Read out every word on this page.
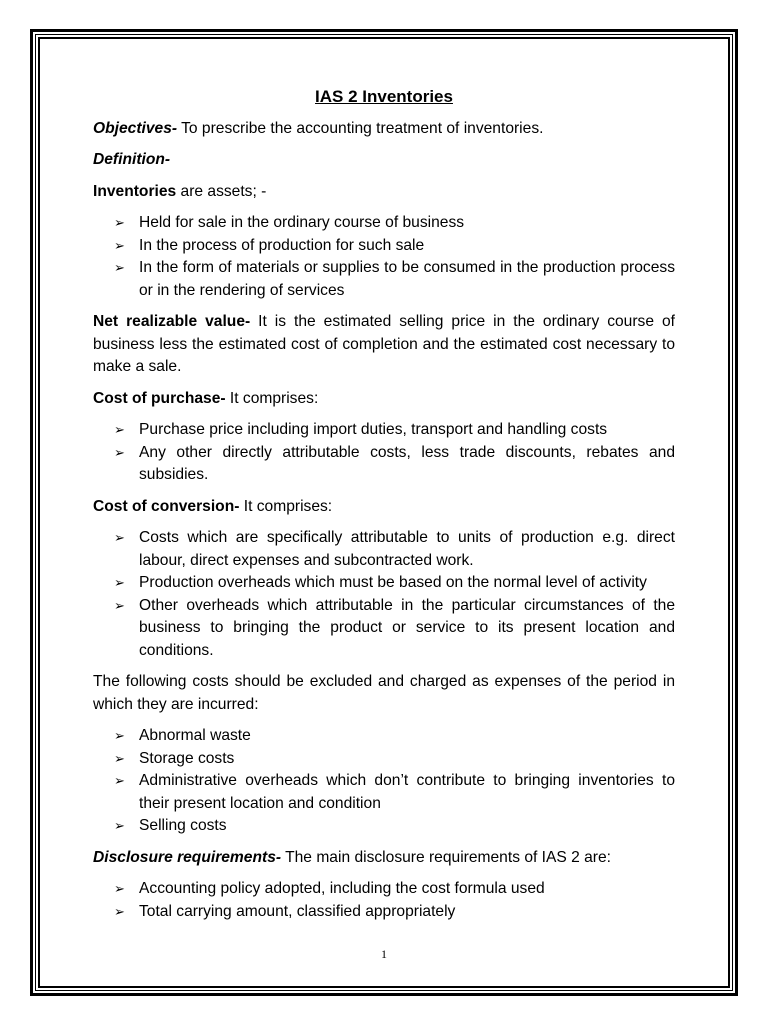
IAS 2 Inventories

Objectives- To prescribe the accounting treatment of inventories.

Definition-

Inventories are assets; -

➢ Held for sale in the ordinary course of business
➢ In the process of production for such sale
➢ In the form of materials or supplies to be consumed in the production process or in the rendering of services

Net realizable value- It is the estimated selling price in the ordinary course of business less the estimated cost of completion and the estimated cost necessary to make a sale.

Cost of purchase- It comprises:

➢ Purchase price including import duties, transport and handling costs
➢ Any other directly attributable costs, less trade discounts, rebates and subsidies.

Cost of conversion- It comprises:

➢ Costs which are specifically attributable to units of production e.g. direct labour, direct expenses and subcontracted work.
➢ Production overheads which must be based on the normal level of activity
➢ Other overheads which attributable in the particular circumstances of the business to bringing the product or service to its present location and conditions.

The following costs should be excluded and charged as expenses of the period in which they are incurred:

➢ Abnormal waste
➢ Storage costs
➢ Administrative overheads which don’t contribute to bringing inventories to their present location and condition
➢ Selling costs

Disclosure requirements- The main disclosure requirements of IAS 2 are:

➢ Accounting policy adopted, including the cost formula used
➢ Total carrying amount, classified appropriately
1
